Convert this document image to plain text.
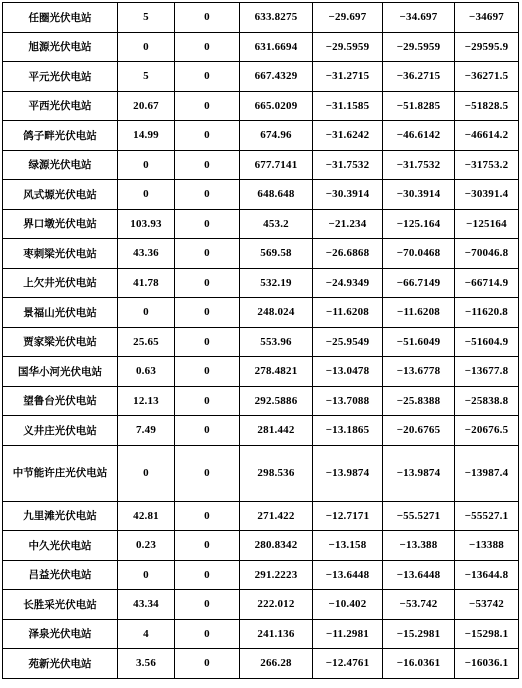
任圈光伏电站	5	0	633.8275	−29.697	−34.697	−34697
旭源光伏电站	0	0	631.6694	−29.5959	−29.5959	−29595.9
平元光伏电站	5	0	667.4329	−31.2715	−36.2715	−36271.5
平西光伏电站	20.67	0	665.0209	−31.1585	−51.8285	−51828.5
鸽子畔光伏电站	14.99	0	674.96	−31.6242	−46.6142	−46614.2
绿源光伏电站	0	0	677.7141	−31.7532	−31.7532	−31753.2
风式塬光伏电站	0	0	648.648	−30.3914	−30.3914	−30391.4
界口墩光伏电站	103.93	0	453.2	−21.234	−125.164	−125164
枣刺梁光伏电站	43.36	0	569.58	−26.6868	−70.0468	−70046.8
上欠井光伏电站	41.78	0	532.19	−24.9349	−66.7149	−66714.9
景福山光伏电站	0	0	248.024	−11.6208	−11.6208	−11620.8
贾家梁光伏电站	25.65	0	553.96	−25.9549	−51.6049	−51604.9
国华小河光伏电站	0.63	0	278.4821	−13.0478	−13.6778	−13677.8
望鲁台光伏电站	12.13	0	292.5886	−13.7088	−25.8388	−25838.8
义井庄光伏电站	7.49	0	281.442	−13.1865	−20.6765	−20676.5
中节能许庄光伏电站	0	0	298.536	−13.9874	−13.9874	−13987.4
九里滩光伏电站	42.81	0	271.422	−12.7171	−55.5271	−55527.1
中久光伏电站	0.23	0	280.8342	−13.158	−13.388	−13388
吕益光伏电站	0	0	291.2223	−13.6448	−13.6448	−13644.8
长胜采光伏电站	43.34	0	222.012	−10.402	−53.742	−53742
泽泉光伏电站	4	0	241.136	−11.2981	−15.2981	−15298.1
苑新光伏电站	3.56	0	266.28	−12.4761	−16.0361	−16036.1
